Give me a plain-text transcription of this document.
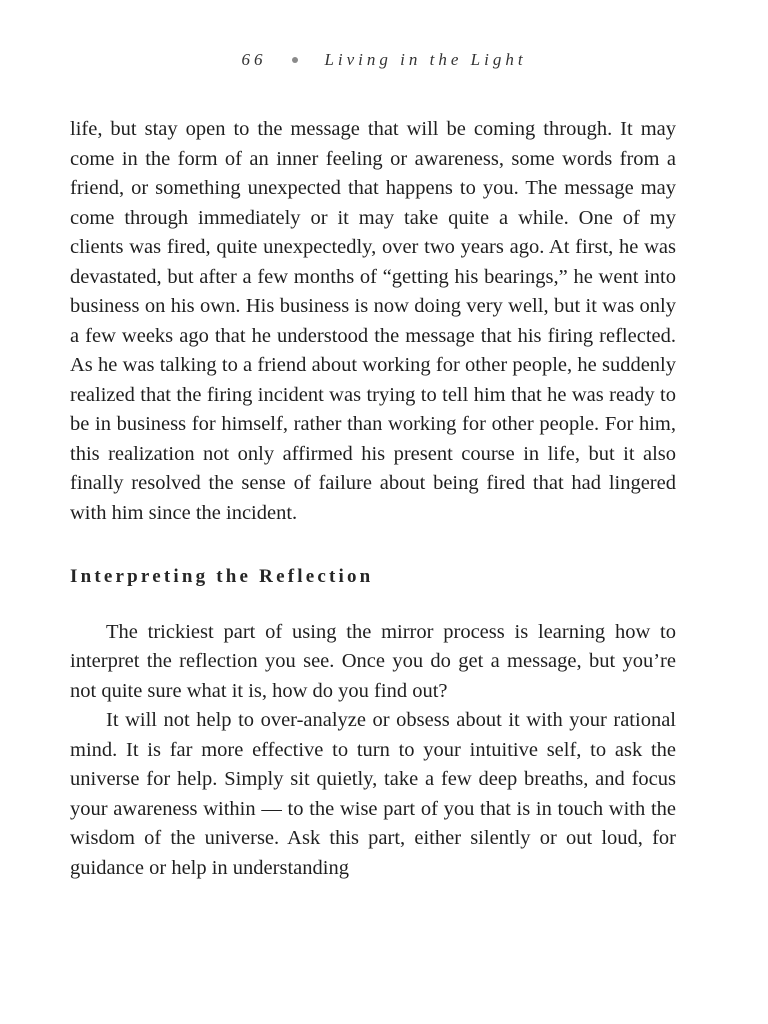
66	Living in the Light

life, but stay open to the message that will be coming through. It may come in the form of an inner feeling or awareness, some words from a friend, or something unexpected that happens to you. The message may come through immediately or it may take quite a while. One of my clients was fired, quite unexpectedly, over two years ago. At first, he was devastated, but after a few months of “getting his bearings,” he went into business on his own. His business is now doing very well, but it was only a few weeks ago that he understood the message that his firing reflected. As he was talking to a friend about working for other people, he suddenly realized that the firing incident was trying to tell him that he was ready to be in business for himself, rather than working for other people. For him, this realization not only affirmed his present course in life, but it also finally resolved the sense of failure about being fired that had lingered with him since the incident.

Interpreting the Reflection

The trickiest part of using the mirror process is learning how to interpret the reflection you see. Once you do get a message, but you’re not quite sure what it is, how do you find out?

It will not help to over-analyze or obsess about it with your rational mind. It is far more effective to turn to your intuitive self, to ask the universe for help. Simply sit quietly, take a few deep breaths, and focus your awareness within — to the wise part of you that is in touch with the wisdom of the universe. Ask this part, either silently or out loud, for guidance or help in understanding
